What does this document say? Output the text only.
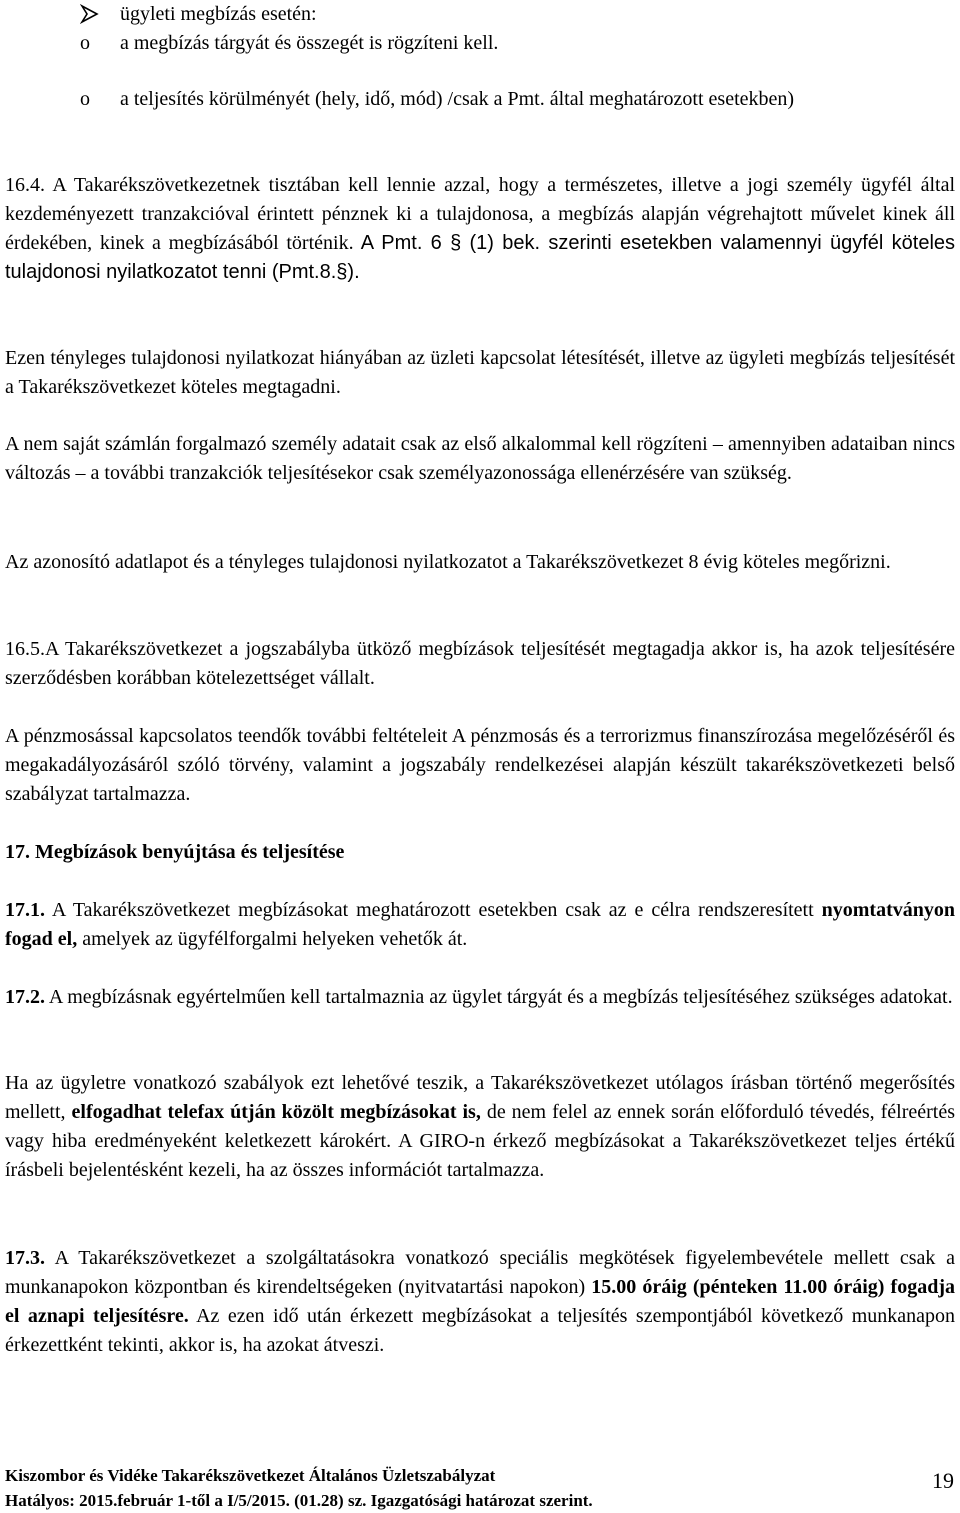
ügyleti megbízás esetén:

o a megbízás tárgyát és összegét is rögzíteni kell.

o a teljesítés körülményét (hely, idő, mód) /csak a Pmt. által meghatározott esetekben)

16.4. A Takarékszövetkezetnek tisztában kell lennie azzal, hogy a természetes, illetve a jogi személy ügyfél által kezdeményezett tranzakcióval érintett pénznek ki a tulajdonosa, a megbízás alapján végrehajtott művelet kinek áll érdekében, kinek a megbízásából történik. A Pmt. 6 § (1) bek. szerinti esetekben valamennyi ügyfél köteles tulajdonosi nyilatkozatot tenni (Pmt.8.§).

Ezen tényleges tulajdonosi nyilatkozat hiányában az üzleti kapcsolat létesítését, illetve az ügyleti megbízás teljesítését a Takarékszövetkezet köteles megtagadni.

A nem saját számlán forgalmazó személy adatait csak az első alkalommal kell rögzíteni – amennyiben adataiban nincs változás – a további tranzakciók teljesítésekor csak személyazonossága ellenérzésére van szükség.

Az azonosító adatlapot és a tényleges tulajdonosi nyilatkozatot a Takarékszövetkezet 8 évig köteles megőrizni.

16.5.A Takarékszövetkezet a jogszabályba ütköző megbízások teljesítését megtagadja akkor is, ha azok teljesítésére szerződésben korábban kötelezettséget vállalt.

A pénzmosással kapcsolatos teendők további feltételeit A pénzmosás és a terrorizmus finanszírozása megelőzéséről és megakadályozásáról szóló törvény, valamint a jogszabály rendelkezései alapján készült takarékszövetkezeti belső szabályzat tartalmazza.

17. Megbízások benyújtása és teljesítése

17.1. A Takarékszövetkezet megbízásokat meghatározott esetekben csak az e célra rendszeresített nyomtatványon fogad el, amelyek az ügyfélforgalmi helyeken vehetők át.

17.2. A megbízásnak egyértelműen kell tartalmaznia az ügylet tárgyát és a megbízás teljesítéséhez szükséges adatokat.

Ha az ügyletre vonatkozó szabályok ezt lehetővé teszik, a Takarékszövetkezet utólagos írásban történő megerősítés mellett, elfogadhat telefax útján közölt megbízásokat is, de nem felel az ennek során előforduló tévedés, félreértés vagy hiba eredményeként keletkezett károkért. A GIRO-n érkező megbízásokat a Takarékszövetkezet teljes értékű írásbeli bejelentésként kezeli, ha az összes információt tartalmazza.

17.3. A Takarékszövetkezet a szolgáltatásokra vonatkozó speciális megkötések figyelembevétele mellett csak a munkanapokon központban és kirendeltségeken (nyitvatartási napokon) 15.00 óráig (pénteken 11.00 óráig) fogadja el aznapi teljesítésre. Az ezen idő után érkezett megbízásokat a teljesítés szempontjából következő munkanapon érkezettként tekinti, akkor is, ha azokat átveszi.

Kiszombor és Vidéke Takarékszövetkezet Általános Üzletszabályzat

Hatályos: 2015.február 1-től a I/5/2015. (01.28) sz. Igazgatósági határozat szerint.

19
